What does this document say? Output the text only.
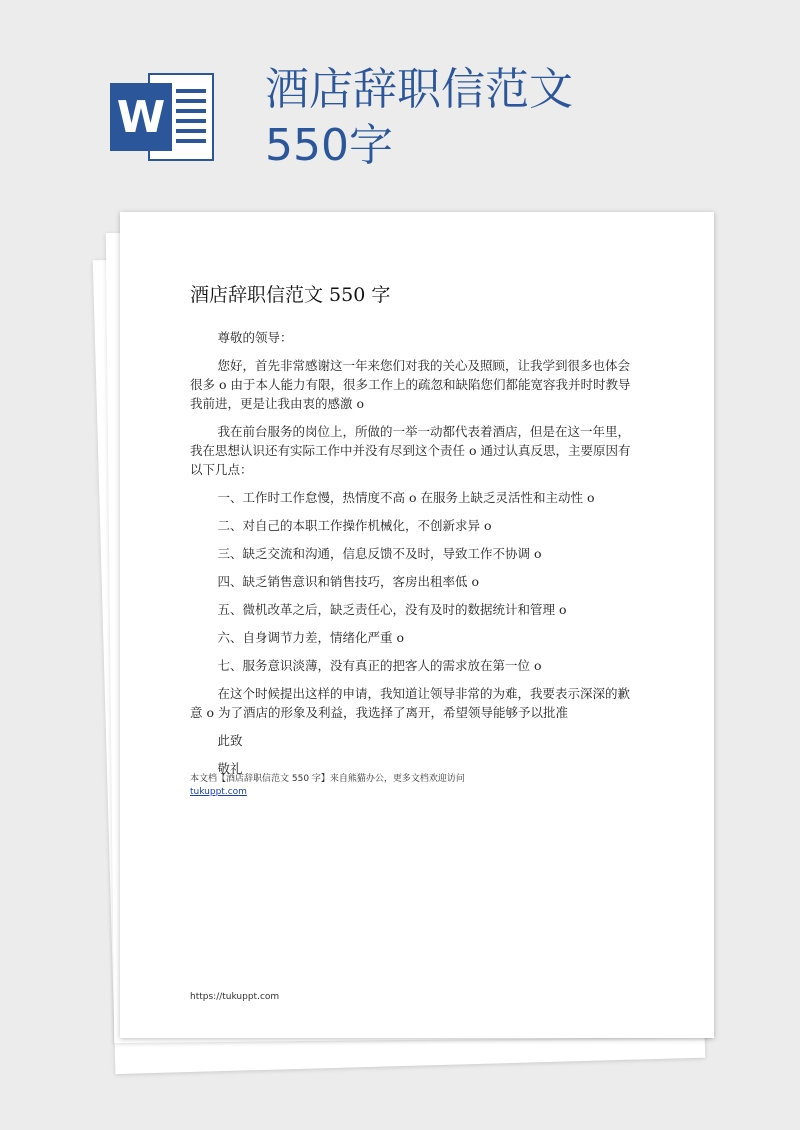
W
酒店辞职信范文550字
酒店辞职信范文 550 字

尊敬的领导：

您好，首先非常感谢这一年来您们对我的关心及照顾，让我学到很多也体会很多 o 由于本人能力有限，很多工作上的疏忽和缺陷您们都能宽容我并时时教导我前进，更是让我由衷的感激 o

我在前台服务的岗位上，所做的一举一动都代表着酒店，但是在这一年里，我在思想认识还有实际工作中并没有尽到这个责任 o 通过认真反思，主要原因有以下几点：

一、工作时工作怠慢，热情度不高 o 在服务上缺乏灵活性和主动性 o

二、对自己的本职工作操作机械化，不创新求异 o

三、缺乏交流和沟通，信息反馈不及时，导致工作不协调 o

四、缺乏销售意识和销售技巧，客房出租率低 o

五、微机改革之后，缺乏责任心，没有及时的数据统计和管理 o

六、自身调节力差，情绪化严重 o

七、服务意识淡薄，没有真正的把客人的需求放在第一位 o

在这个时候提出这样的申请，我知道让领导非常的为难，我要表示深深的歉意 o 为了酒店的形象及利益，我选择了离开，希望领导能够予以批准

此致

敬礼

本文档【酒店辞职信范文 550 字】来自熊猫办公，更多文档欢迎访问
tukuppt.com
https://tukuppt.com
